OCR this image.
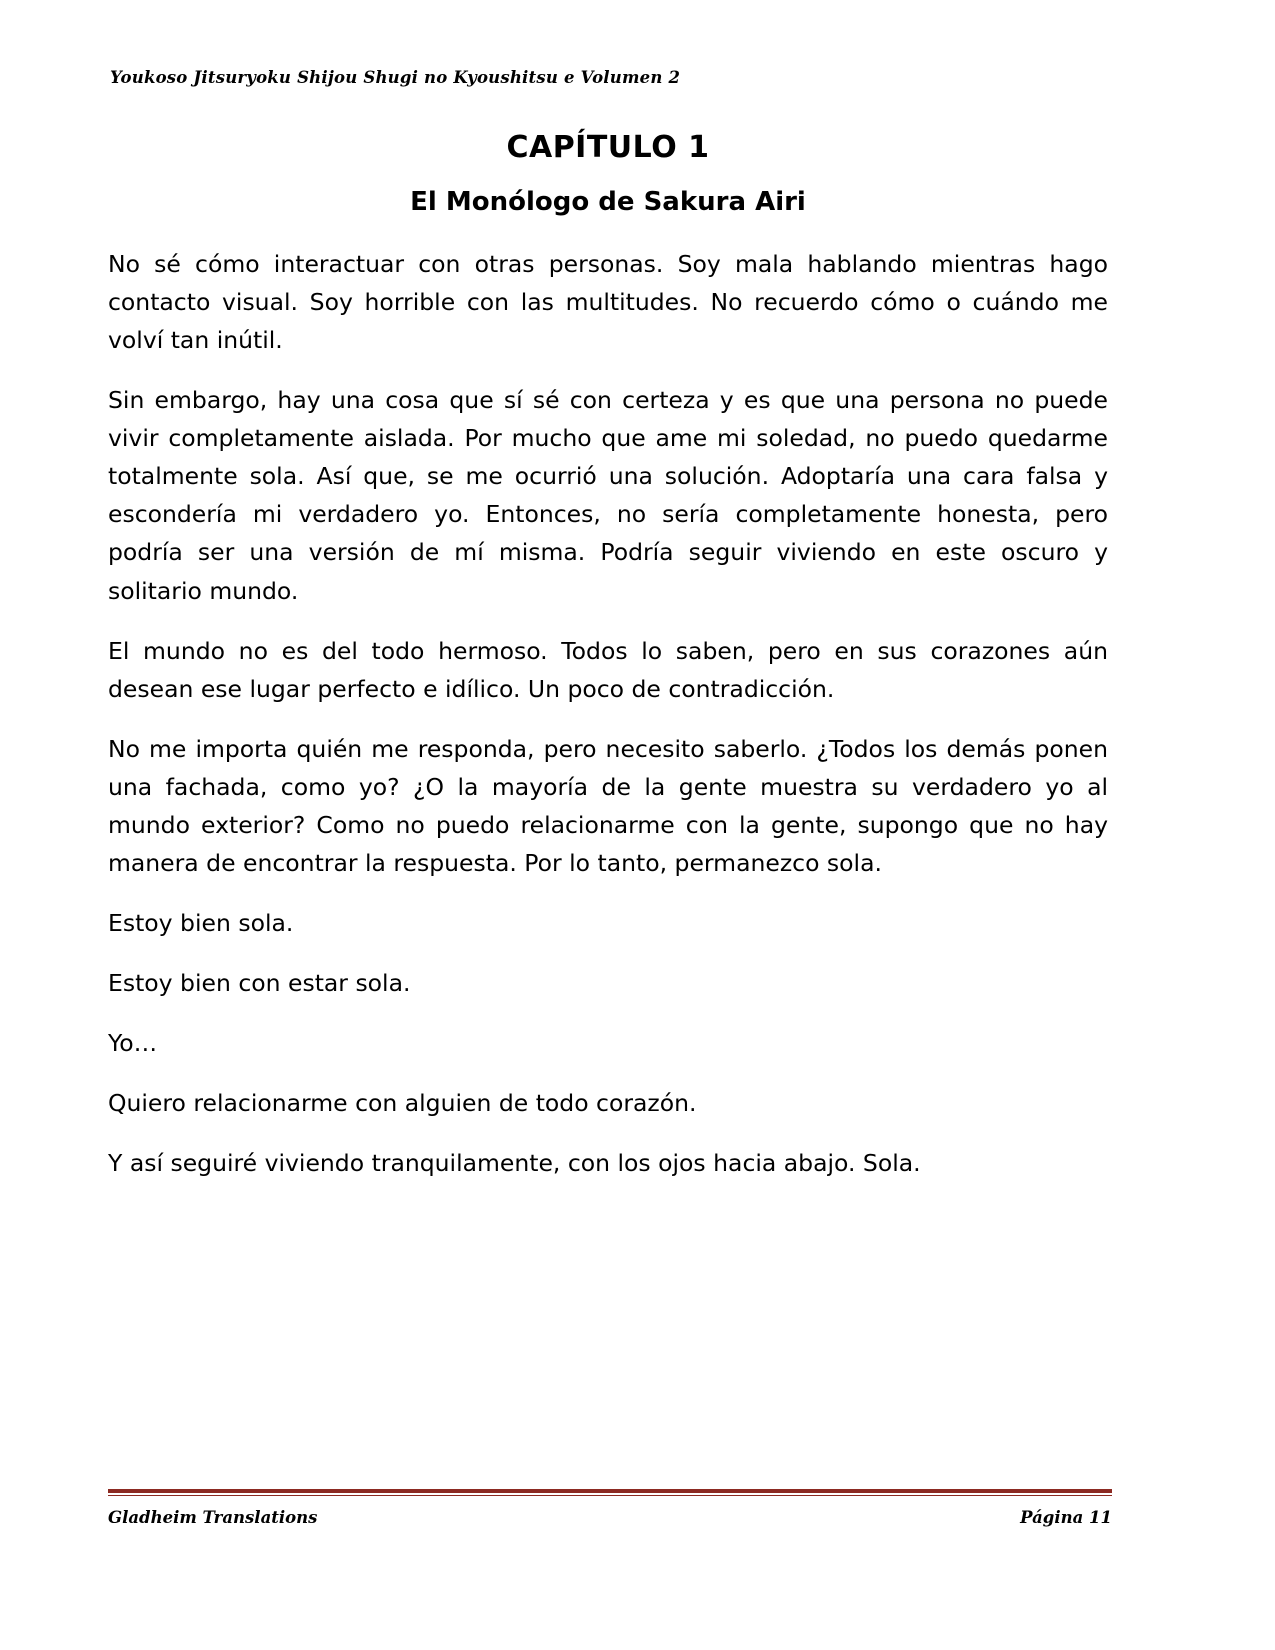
Youkoso Jitsuryoku Shijou Shugi no Kyoushitsu e Volumen 2
CAPÍTULO 1
El Monólogo de Sakura Airi

No sé cómo interactuar con otras personas. Soy mala hablando mientras hago contacto visual. Soy horrible con las multitudes. No recuerdo cómo o cuándo me volví tan inútil.

Sin embargo, hay una cosa que sí sé con certeza y es que una persona no puede vivir completamente aislada. Por mucho que ame mi soledad, no puedo quedarme totalmente sola. Así que, se me ocurrió una solución. Adoptaría una cara falsa y escondería mi verdadero yo. Entonces, no sería completamente honesta, pero podría ser una versión de mí misma. Podría seguir viviendo en este oscuro y solitario mundo.

El mundo no es del todo hermoso. Todos lo saben, pero en sus corazones aún desean ese lugar perfecto e idílico. Un poco de contradicción.

No me importa quién me responda, pero necesito saberlo. ¿Todos los demás ponen una fachada, como yo? ¿O la mayoría de la gente muestra su verdadero yo al mundo exterior? Como no puedo relacionarme con la gente, supongo que no hay manera de encontrar la respuesta. Por lo tanto, permanezco sola.

Estoy bien sola.

Estoy bien con estar sola.

Yo…

Quiero relacionarme con alguien de todo corazón.

Y así seguiré viviendo tranquilamente, con los ojos hacia abajo. Sola.

Gladheim Translations	Página 11
